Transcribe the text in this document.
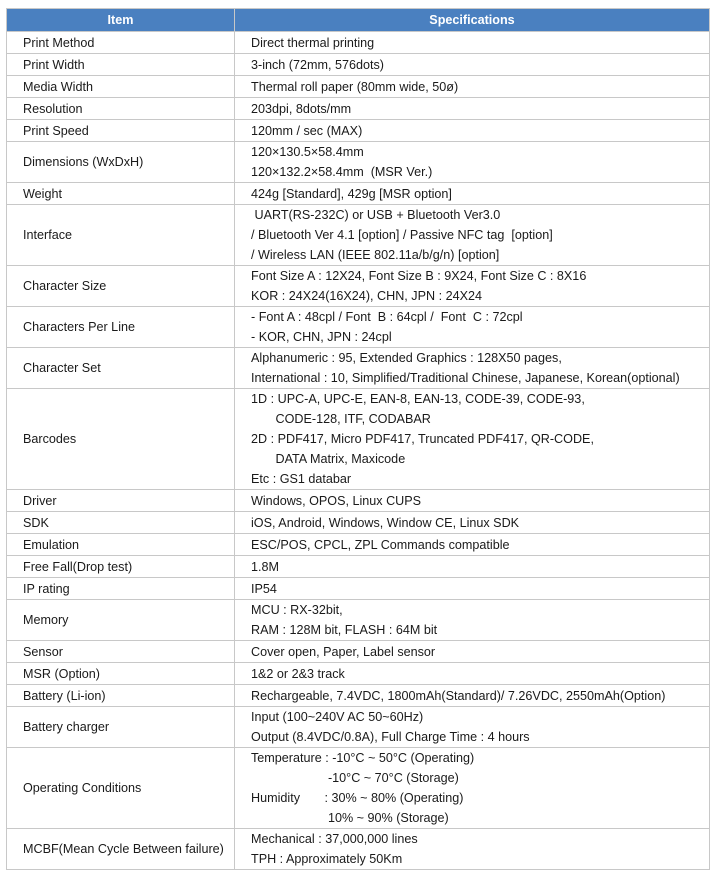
Item	Specifications
Print Method	Direct thermal printing

Print Width	3-inch (72mm, 576dots)

Media Width	Thermal roll paper (80mm wide, 50ø)

Resolution	203dpi, 8dots/mm

Print Speed	120mm / sec (MAX)

Dimensions (WxDxH)	120×130.5×58.4mm
120×132.2×58.4mm  (MSR Ver.)

Weight	424g [Standard], 429g [MSR option]

Interface	UART(RS-232C) or USB + Bluetooth Ver3.0
/ Bluetooth Ver 4.1 [option] / Passive NFC tag  [option]
/ Wireless LAN (IEEE 802.11a/b/g/n) [option]

Character Size	Font Size A : 12X24, Font Size B : 9X24, Font Size C : 8X16
KOR : 24X24(16X24), CHN, JPN : 24X24

Characters Per Line	- Font A : 48cpl / Font  B : 64cpl /  Font  C : 72cpl
- KOR, CHN, JPN : 24cpl

Character Set	Alphanumeric : 95, Extended Graphics : 128X50 pages,
International : 10, Simplified/Traditional Chinese, Japanese, Korean(optional)

Barcodes	1D : UPC-A, UPC-E, EAN-8, EAN-13, CODE-39, CODE-93,
CODE-128, ITF, CODABAR
2D : PDF417, Micro PDF417, Truncated PDF417, QR-CODE,
DATA Matrix, Maxicode
Etc : GS1 databar

Driver	Windows, OPOS, Linux CUPS

SDK	iOS, Android, Windows, Window CE, Linux SDK

Emulation	ESC/POS, CPCL, ZPL Commands compatible

Free Fall(Drop test)	1.8M

IP rating	IP54

Memory	MCU : RX-32bit,
RAM : 128M bit, FLASH : 64M bit

Sensor	Cover open, Paper, Label sensor

MSR (Option)	1&2 or 2&3 track

Battery (Li-ion)	Rechargeable, 7.4VDC, 1800mAh(Standard)/ 7.26VDC, 2550mAh(Option)

Battery charger	Input (100~240V AC 50~60Hz)
Output (8.4VDC/0.8A), Full Charge Time : 4 hours

Operating Conditions	Temperature : -10°C ~ 50°C (Operating)
-10°C ~ 70°C (Storage)
Humidity       : 30% ~ 80% (Operating)
10% ~ 90% (Storage)

MCBF(Mean Cycle Between failure)	Mechanical : 37,000,000 lines
TPH : Approximately 50Km
